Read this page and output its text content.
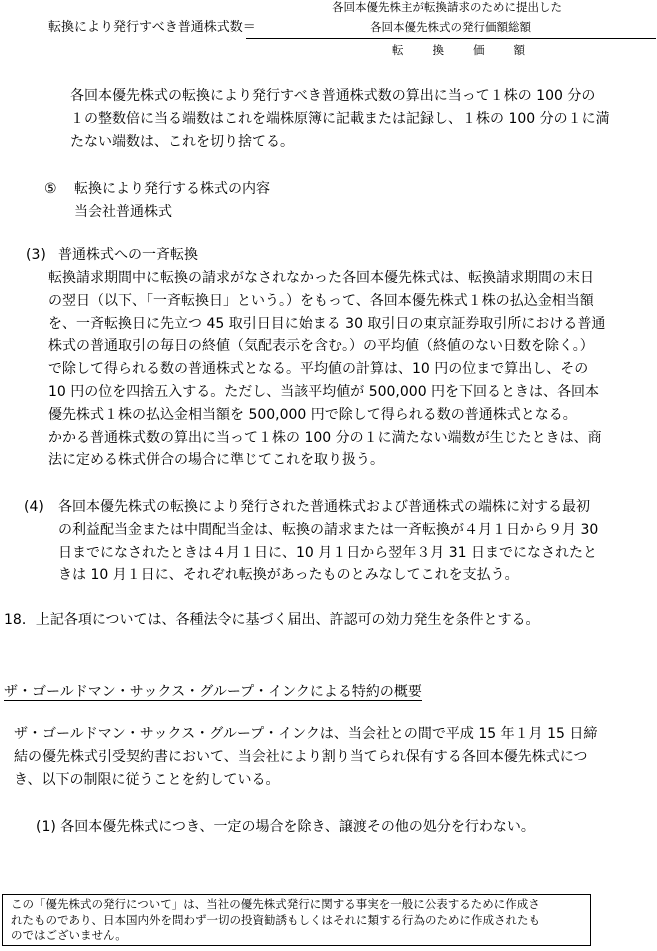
転換により発行すべき普通株式数＝
各回本優先株主が転換請求のために提出した
各回本優先株式の発行価額総額
転　　換　　価　　額
各回本優先株式の転換により発行すべき普通株式数の算出に当って１株の 100 分の
１の整数倍に当る端数はこれを端株原簿に記載または記録し、１株の 100 分の１に満
たない端数は、これを切り捨てる。
⑤ 転換により発行する株式の内容
当会社普通株式
(3) 普通株式への一斉転換
転換請求期間中に転換の請求がなされなかった各回本優先株式は、転換請求期間の末日
の翌日（以下、「一斉転換日」という。）をもって、各回本優先株式１株の払込金相当額
を、一斉転換日に先立つ 45 取引日目に始まる 30 取引日の東京証券取引所における普通
株式の普通取引の毎日の終値（気配表示を含む。）の平均値（終値のない日数を除く。）
で除して得られる数の普通株式となる。平均値の計算は、10 円の位まで算出し、その
10 円の位を四捨五入する。ただし、当該平均値が 500,000 円を下回るときは、各回本
優先株式１株の払込金相当額を 500,000 円で除して得られる数の普通株式となる。
かかる普通株式数の算出に当って１株の 100 分の１に満たない端数が生じたときは、商
法に定める株式併合の場合に準じてこれを取り扱う。
(4) 各回本優先株式の転換により発行された普通株式および普通株式の端株に対する最初
の利益配当金または中間配当金は、転換の請求または一斉転換が４月１日から９月 30
日までになされたときは４月１日に、10 月１日から翌年３月 31 日までになされたと
きは 10 月１日に、それぞれ転換があったものとみなしてこれを支払う。
18．上記各項については、各種法令に基づく届出、許認可の効力発生を条件とする。
ザ・ゴールドマン・サックス・グループ・インクによる特約の概要
ザ・ゴールドマン・サックス・グループ・インクは、当会社との間で平成 15 年１月 15 日締
結の優先株式引受契約書において、当会社により割り当てられ保有する各回本優先株式につ
き、以下の制限に従うことを約している。
(1) 各回本優先株式につき、一定の場合を除き、譲渡その他の処分を行わない。
この「優先株式の発行について」は、当社の優先株式発行に関する事実を一般に公表するために作成さ
れたものであり、日本国内外を問わず一切の投資勧誘もしくはそれに類する行為のために作成されたも
のではございません。
